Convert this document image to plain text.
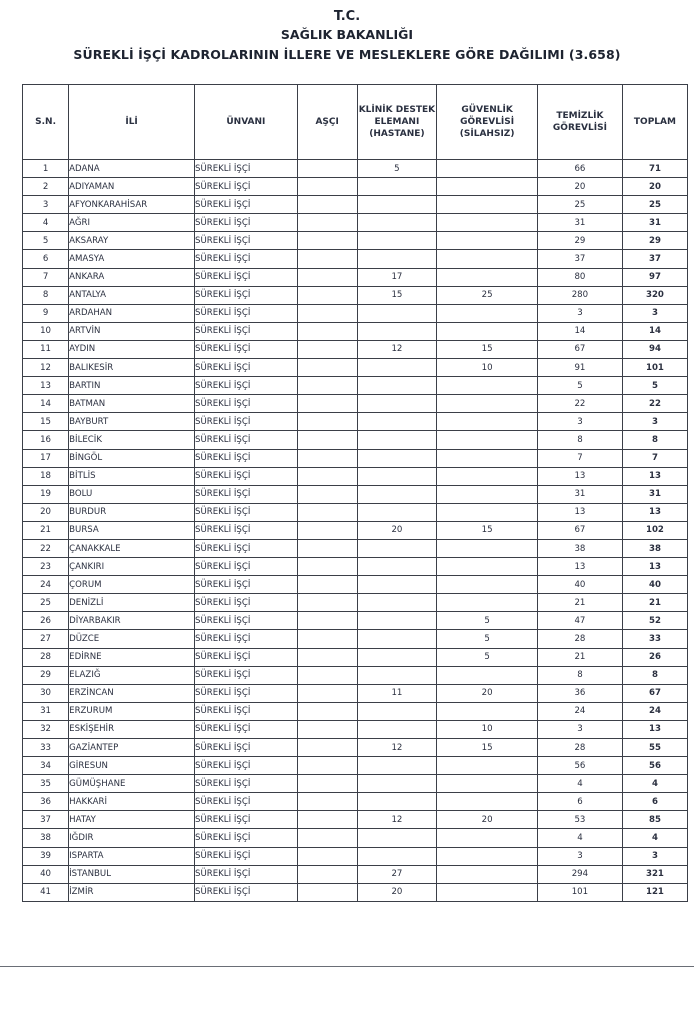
T.C.
SAĞLIK BAKANLIĞI
SÜREKLİ İŞÇİ KADROLARININ İLLERE VE MESLEKLERE GÖRE DAĞILIMI (3.658)
S.N.	İLİ	ÜNVANI	AŞÇI	KLİNİK DESTEK ELEMANI (HASTANE)	GÜVENLİK GÖREVLİSİ (SİLAHSIZ)	TEMİZLİK GÖREVLİSİ	TOPLAM
1	ADANA	SÜREKLİ İŞÇİ		5		66	71
2	ADIYAMAN	SÜREKLİ İŞÇİ				20	20
3	AFYONKARAHİSAR	SÜREKLİ İŞÇİ				25	25
4	AĞRI	SÜREKLİ İŞÇİ				31	31
5	AKSARAY	SÜREKLİ İŞÇİ				29	29
6	AMASYA	SÜREKLİ İŞÇİ				37	37
7	ANKARA	SÜREKLİ İŞÇİ		17		80	97
8	ANTALYA	SÜREKLİ İŞÇİ		15	25	280	320
9	ARDAHAN	SÜREKLİ İŞÇİ				3	3
10	ARTVİN	SÜREKLİ İŞÇİ				14	14
11	AYDIN	SÜREKLİ İŞÇİ		12	15	67	94
12	BALIKESİR	SÜREKLİ İŞÇİ			10	91	101
13	BARTIN	SÜREKLİ İŞÇİ				5	5
14	BATMAN	SÜREKLİ İŞÇİ				22	22
15	BAYBURT	SÜREKLİ İŞÇİ				3	3
16	BİLECİK	SÜREKLİ İŞÇİ				8	8
17	BİNGÖL	SÜREKLİ İŞÇİ				7	7
18	BİTLİS	SÜREKLİ İŞÇİ				13	13
19	BOLU	SÜREKLİ İŞÇİ				31	31
20	BURDUR	SÜREKLİ İŞÇİ				13	13
21	BURSA	SÜREKLİ İŞÇİ		20	15	67	102
22	ÇANAKKALE	SÜREKLİ İŞÇİ				38	38
23	ÇANKIRI	SÜREKLİ İŞÇİ				13	13
24	ÇORUM	SÜREKLİ İŞÇİ				40	40
25	DENİZLİ	SÜREKLİ İŞÇİ				21	21
26	DİYARBAKIR	SÜREKLİ İŞÇİ			5	47	52
27	DÜZCE	SÜREKLİ İŞÇİ			5	28	33
28	EDİRNE	SÜREKLİ İŞÇİ			5	21	26
29	ELAZIĞ	SÜREKLİ İŞÇİ				8	8
30	ERZİNCAN	SÜREKLİ İŞÇİ		11	20	36	67
31	ERZURUM	SÜREKLİ İŞÇİ				24	24
32	ESKİŞEHİR	SÜREKLİ İŞÇİ			10	3	13
33	GAZİANTEP	SÜREKLİ İŞÇİ		12	15	28	55
34	GİRESUN	SÜREKLİ İŞÇİ				56	56
35	GÜMÜŞHANE	SÜREKLİ İŞÇİ				4	4
36	HAKKARİ	SÜREKLİ İŞÇİ				6	6
37	HATAY	SÜREKLİ İŞÇİ		12	20	53	85
38	IĞDIR	SÜREKLİ İŞÇİ				4	4
39	ISPARTA	SÜREKLİ İŞÇİ				3	3
40	İSTANBUL	SÜREKLİ İŞÇİ		27		294	321
41	İZMİR	SÜREKLİ İŞÇİ		20		101	121
